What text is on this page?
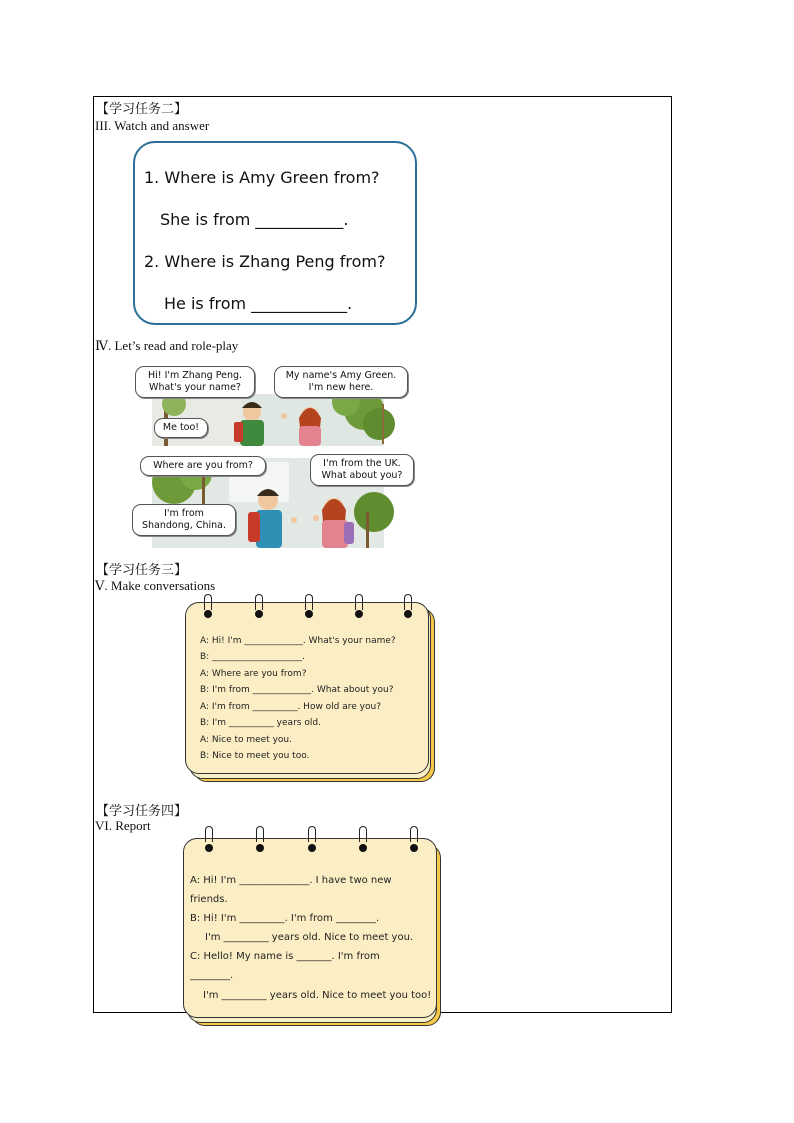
【学习任务二】
III. Watch and answer
1. Where is Amy Green from?
She is from ___________.
2. Where is Zhang Peng from?
He is from ____________.
Ⅳ. Let’s read and role-play
Hi! I'm Zhang Peng.
What's your name?
My name's Amy Green.
I'm new here.
Me too!
Where are you from?	I'm from the UK.
What about you?
I'm from
Shandong, China.
【学习任务三】
Ⅴ. Make conversations
A: Hi! I'm _____________. What's your name?
B: ____________________.
A: Where are you from?
B: I'm from _____________. What about you?
A: I'm from __________. How old are you?
B: I'm __________ years old.
A: Nice to meet you.
B: Nice to meet you too.
【学习任务四】
VI. Report
A: Hi! I'm ______________. I have two new
friends.
B: Hi! I'm _________. I'm from ________.
I'm _________ years old. Nice to meet you.
C: Hello! My name is _______. I'm from
________.
I'm _________ years old. Nice to meet you too!
